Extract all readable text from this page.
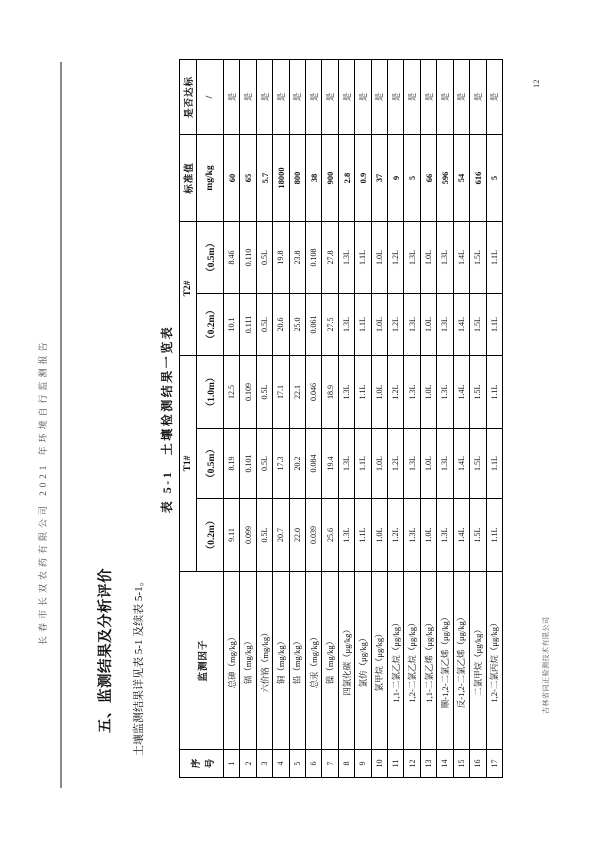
长春市长双农药有限公司 2021 年环境自行监测报告
12
吉林省同正检测技术有限公司
五、监测结果及分析评价 土壤监测结果详见表 5-1 及续表 5-1。

表 5-1　土壤检测结果一览表
序 号	监测因子	T1#			T2#		标准值	是否达标
		（0.2m）	（0.5m）	（1.0m）	（0.2m）	（0.5m）	mg/kg	/
1	总砷（mg/kg）	9.11	8.19	12.5	10.1	8.46	60	是
2	镉（mg/kg）	0.099	0.101	0.109	0.111	0.110	65	是
3	六价铬（mg/kg）	0.5L	0.5L	0.5L	0.5L	0.5L	5.7	是
4	铜（mg/kg）	20.7	17.3	17.1	20.6	19.8	18000	是
5	铅（mg/kg）	22.0	20.2	22.1	25.0	23.8	800	是
6	总汞（mg/kg）	0.039	0.084	0.046	0.061	0.108	38	是
7	镍（mg/kg）	25.6	19.4	18.9	27.5	27.8	900	是
8	四氯化碳（μg/kg）	1.3L	1.3L	1.3L	1.3L	1.3L	2.8	是
9	氯仿（μg/kg）	1.1L	1.1L	1.1L	1.1L	1.1L	0.9	是
10	氯甲烷（μg/kg）	1.0L	1.0L	1.0L	1.0L	1.0L	37	是
11	1,1-二氯乙烷（μg/kg）	1.2L	1.2L	1.2L	1.2L	1.2L	9	是
12	1,2-二氯乙烷（μg/kg）	1.3L	1.3L	1.3L	1.3L	1.3L	5	是
13	1,1-二氯乙烯（μg/kg）	1.0L	1.0L	1.0L	1.0L	1.0L	66	是
14	顺-1,2-二氯乙烯（μg/kg）	1.3L	1.3L	1.3L	1.3L	1.3L	596	是
15	反-1,2-二氯乙烯（μg/kg）	1.4L	1.4L	1.4L	1.4L	1.4L	54	是
16	二氯甲烷（μg/kg）	1.5L	1.5L	1.5L	1.5L	1.5L	616	是
17	1,2-二氯丙烷（μg/kg）	1.1L	1.1L	1.1L	1.1L	1.1L	5	是
